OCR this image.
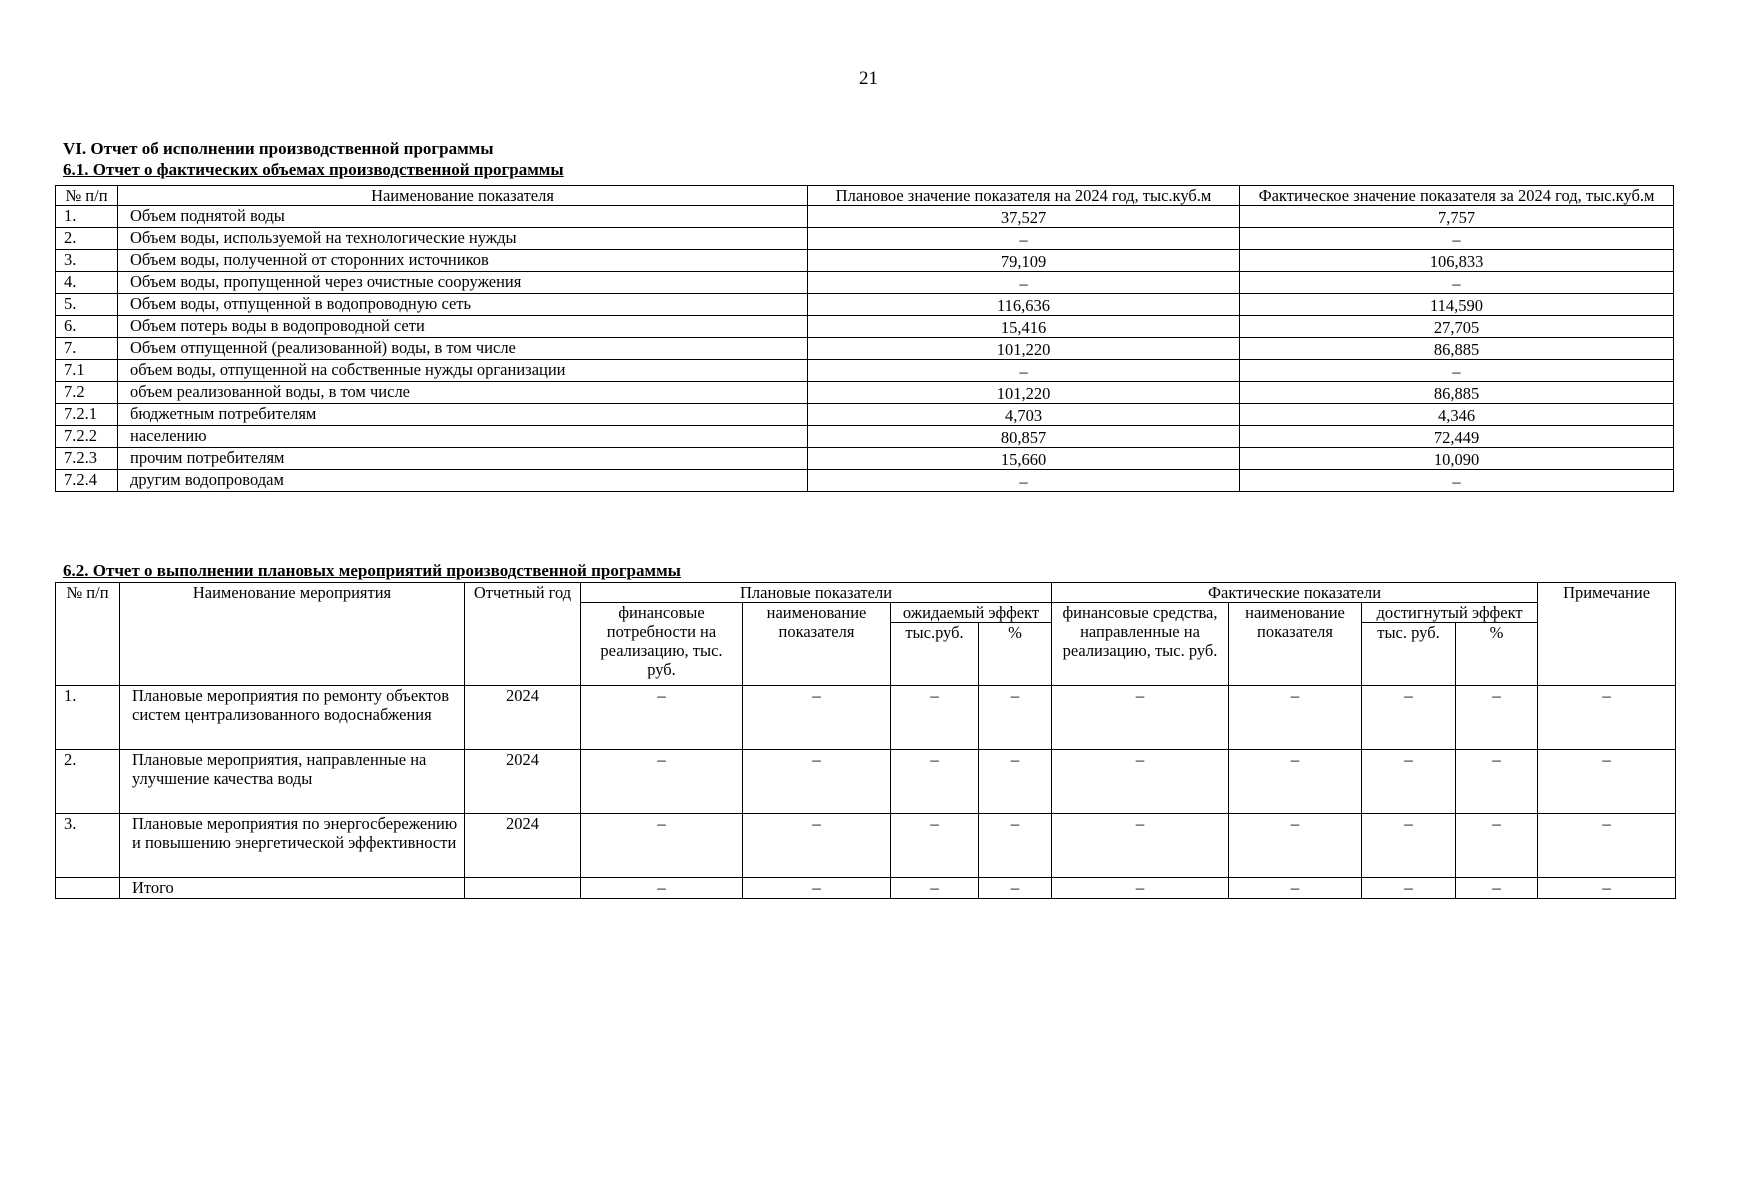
21
VI. Отчет об исполнении производственной программы
6.1. Отчет о фактических объемах производственной программы
№ п/п	Наименование показателя	Плановое значение показателя на 2024 год, тыс.куб.м	Фактическое значение показателя за 2024 год, тыс.куб.м
1.	Объем поднятой воды	37,527	7,757
2.	Объем воды, используемой на технологические нужды	–	–
3.	Объем воды, полученной от сторонних источников	79,109	106,833
4.	Объем воды, пропущенной через очистные сооружения	–	–
5.	Объем воды, отпущенной в водопроводную сеть	116,636	114,590
6.	Объем потерь воды в водопроводной сети	15,416	27,705
7.	Объем отпущенной (реализованной) воды, в том числе	101,220	86,885
7.1	объем воды, отпущенной на собственные нужды организации	–	–
7.2	объем реализованной воды, в том числе	101,220	86,885
7.2.1	бюджетным потребителям	4,703	4,346
7.2.2	населению	80,857	72,449
7.2.3	прочим потребителям	15,660	10,090
7.2.4	другим водопроводам	–	–
6.2. Отчет о выполнении плановых мероприятий производственной программы
№ п/п	Наименование мероприятия	Отчетный год	Плановые показатели				Фактические показатели				Примечание
			финансовые потребности на реализацию, тыс. руб.	наименование показателя	ожидаемый эффект		финансовые средства, направленные на реализацию, тыс. руб.	наименование показателя	достигнутый эффект		
					тыс.руб.	%			тыс. руб.	%	
1.	Плановые мероприятия по ремонту объектов систем централизованного водоснабжения	2024	–	–	–	–	–	–	–	–	–
2.	Плановые мероприятия, направленные на улучшение качества воды	2024	–	–	–	–	–	–	–	–	–
3.	Плановые мероприятия по энергосбережению и повышению энергетической эффективности	2024	–	–	–	–	–	–	–	–	–
	Итого		–	–	–	–	–	–	–	–	–
